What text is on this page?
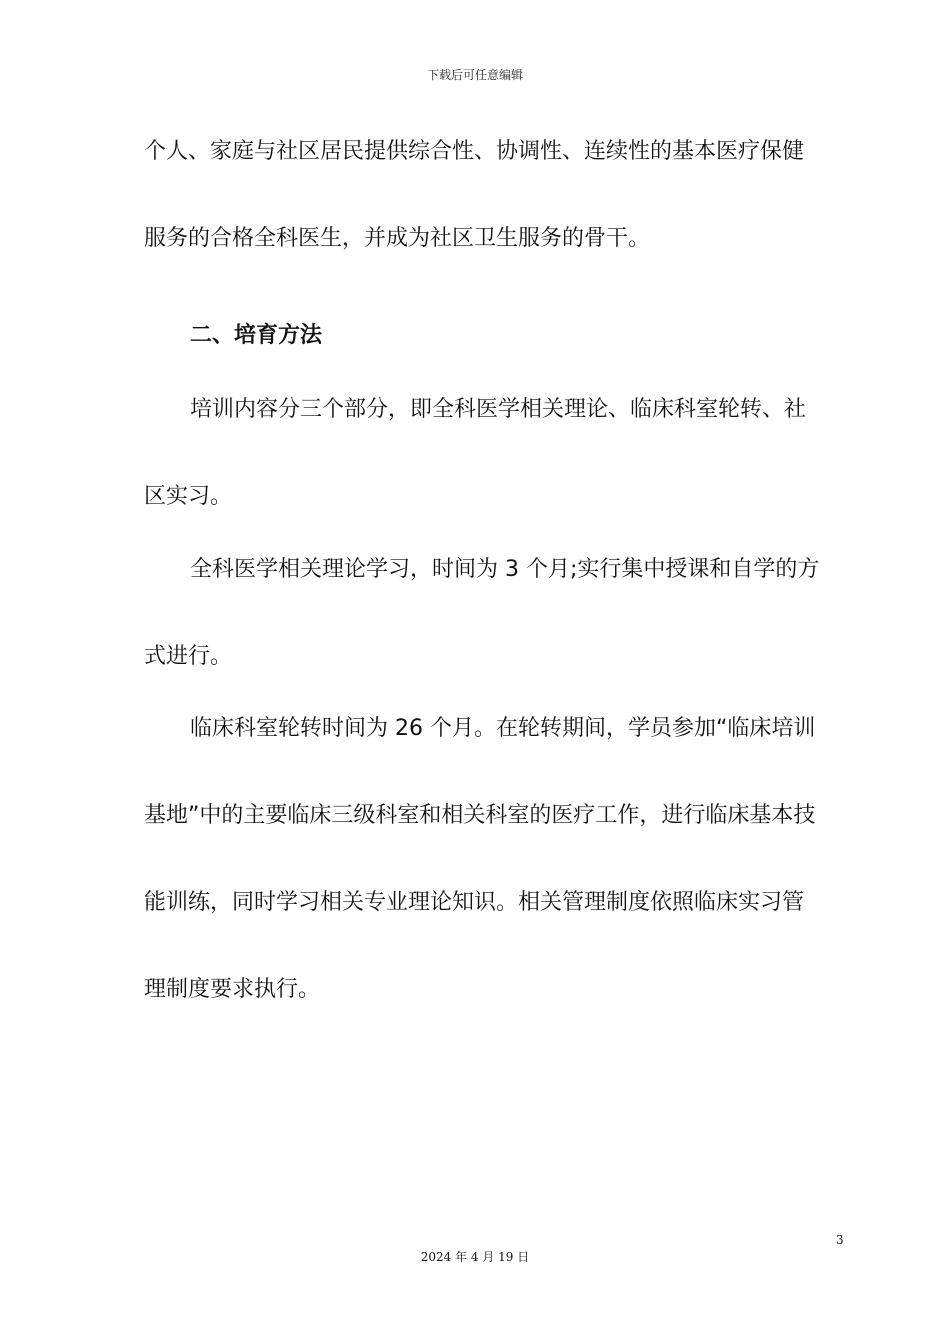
下载后可任意编辑
个人、家庭与社区居民提供综合性、协调性、连续性的基本医疗保健
服务的合格全科医生，并成为社区卫生服务的骨干。
二、培育方法
培训内容分三个部分，即全科医学相关理论、临床科室轮转、社
区实习。
全科医学相关理论学习，时间为 3 个月;实行集中授课和自学的方
式进行。
临床科室轮转时间为 26 个月。在轮转期间，学员参加“临床培训
基地”中的主要临床三级科室和相关科室的医疗工作，进行临床基本技
能训练，同时学习相关专业理论知识。相关管理制度依照临床实习管
理制度要求执行。
3
2024 年 4 月 19 日
